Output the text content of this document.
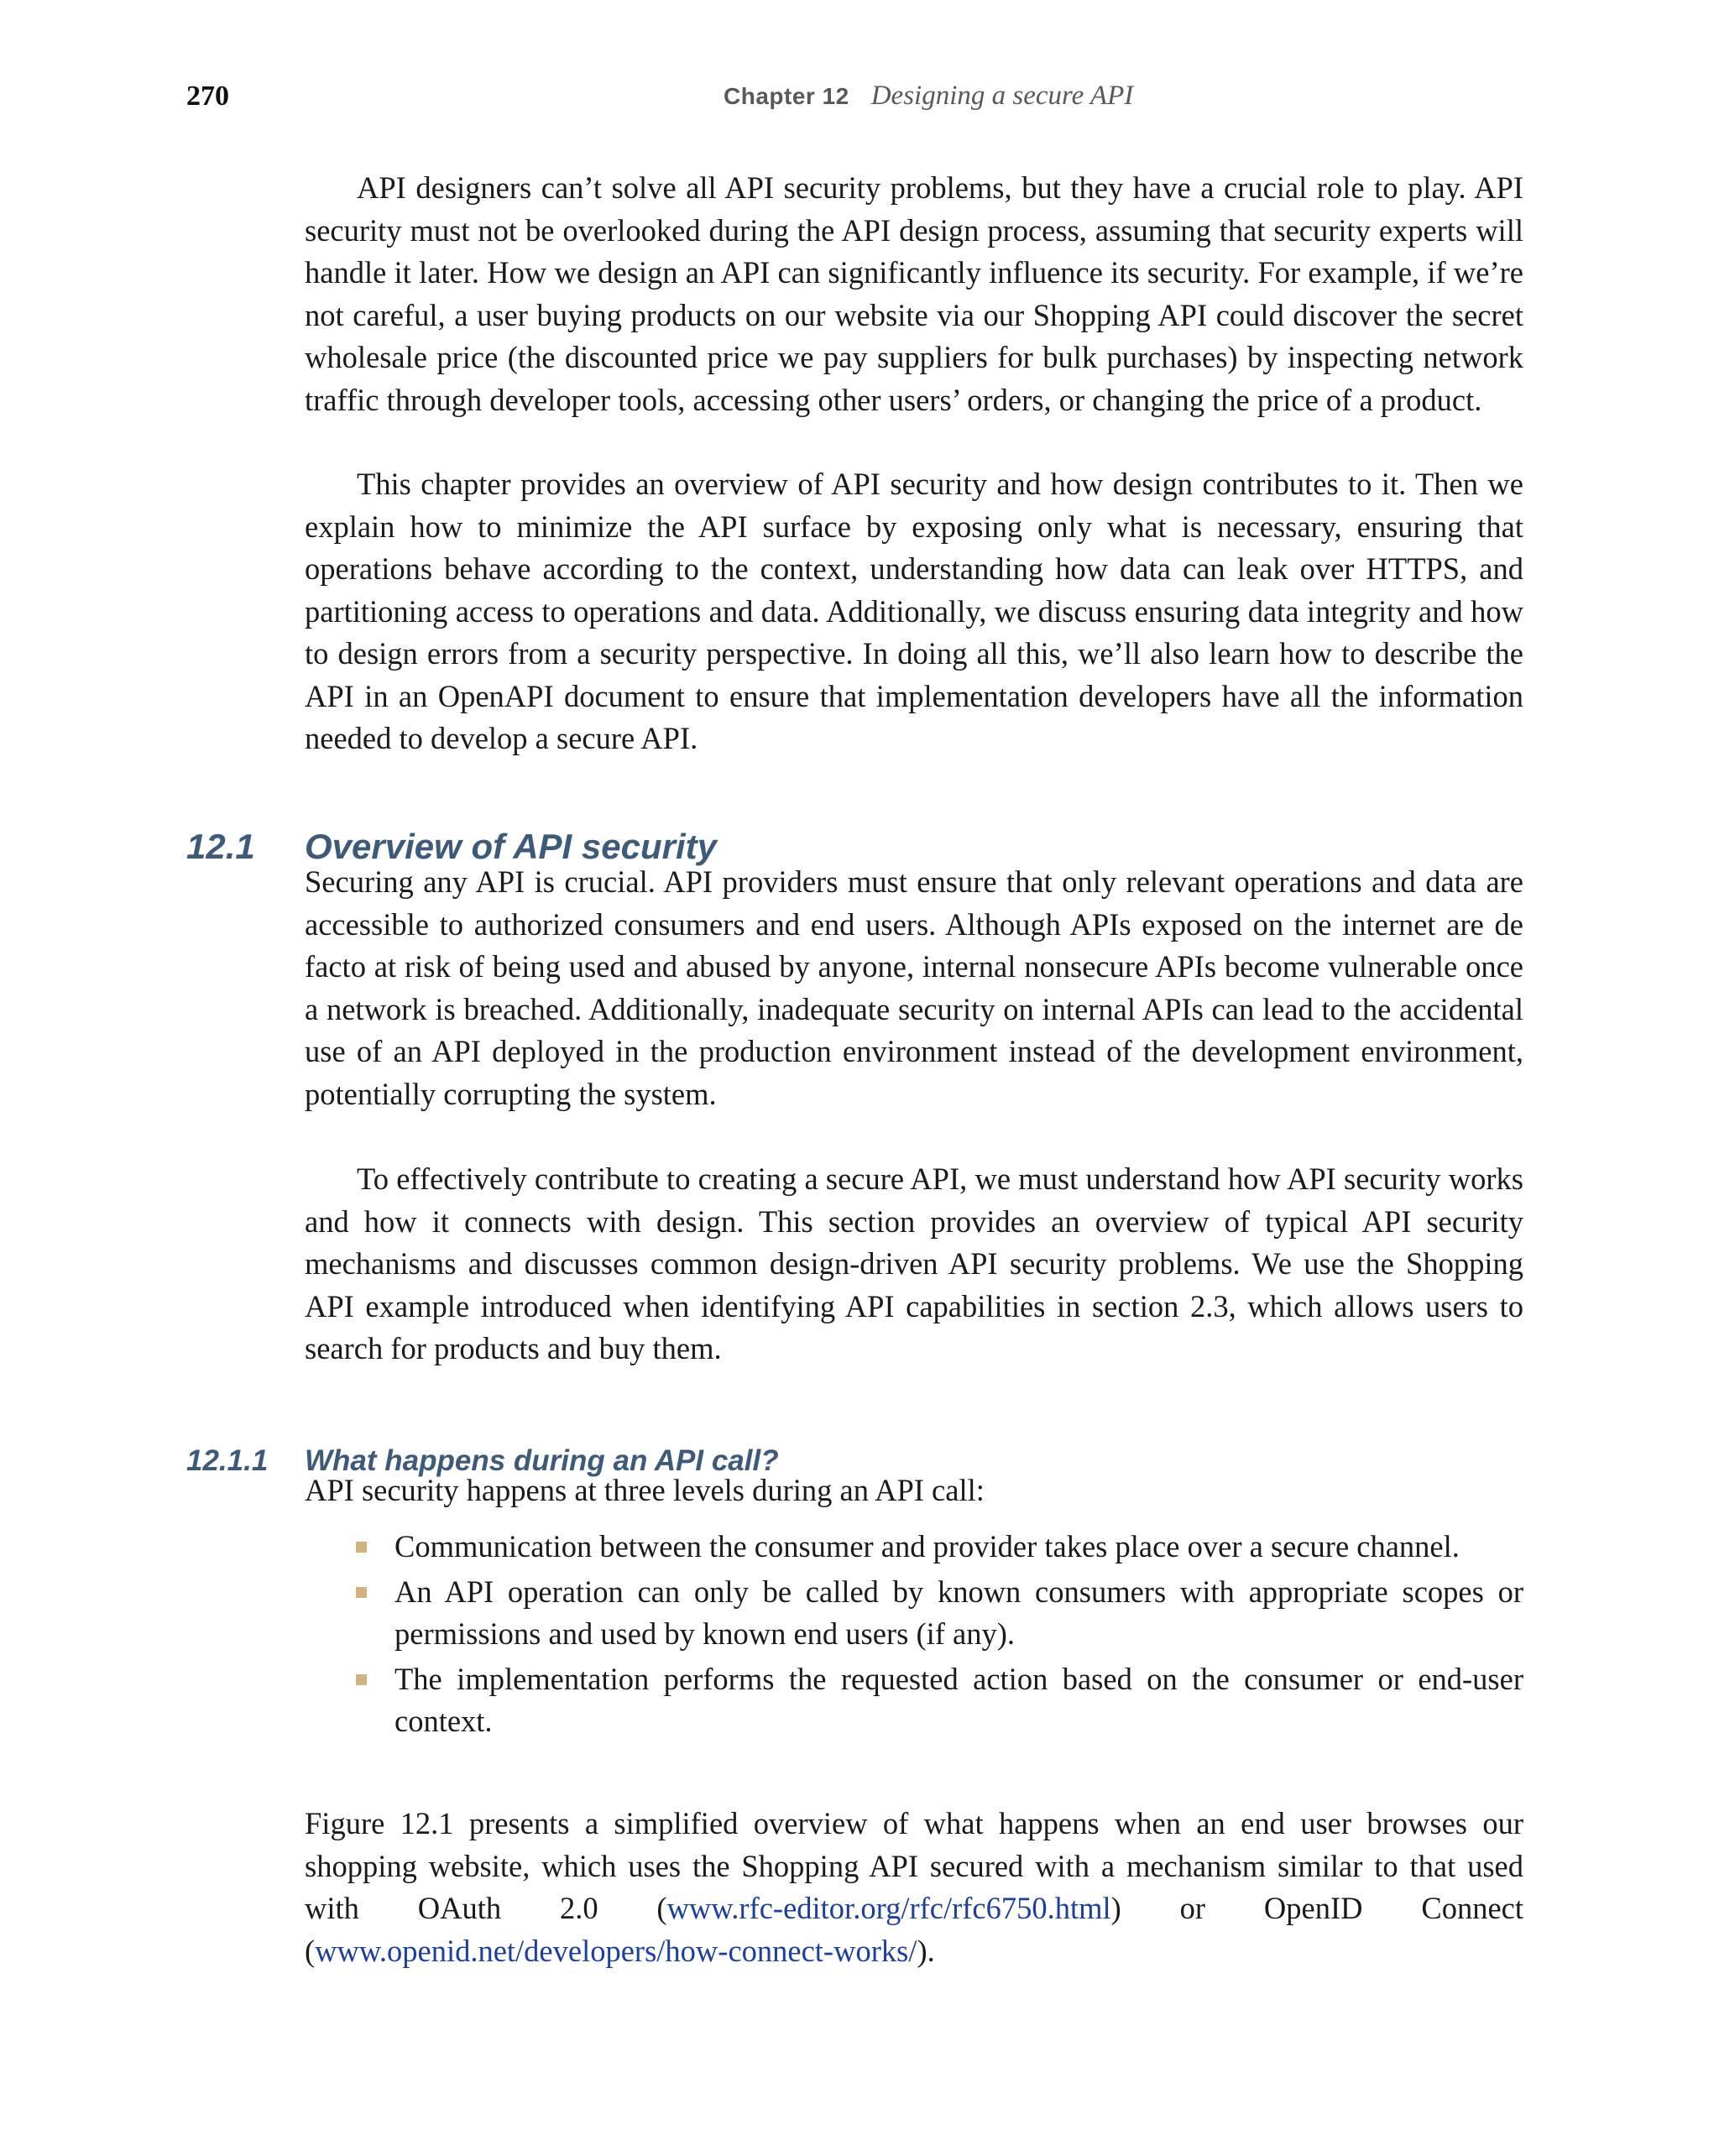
270	Chapter 12 Designing a secure API

API designers can’t solve all API security problems, but they have a crucial role to play. API security must not be overlooked during the API design process, assuming that security experts will handle it later. How we design an API can significantly influence its security. For example, if we’re not careful, a user buying products on our website via our Shopping API could discover the secret wholesale price (the discounted price we pay suppliers for bulk purchases) by inspecting network traffic through developer tools, accessing other users’ orders, or changing the price of a product.

This chapter provides an overview of API security and how design contributes to it. Then we explain how to minimize the API surface by exposing only what is necessary, ensuring that operations behave according to the context, understanding how data can leak over HTTPS, and partitioning access to operations and data. Additionally, we discuss ensuring data integrity and how to design errors from a security perspective. In doing all this, we’ll also learn how to describe the API in an OpenAPI document to ensure that implementation developers have all the information needed to develop a secure API.

12.1 Overview of API security

Securing any API is crucial. API providers must ensure that only relevant operations and data are accessible to authorized consumers and end users. Although APIs exposed on the internet are de facto at risk of being used and abused by anyone, internal nonsecure APIs become vulnerable once a network is breached. Additionally, inadequate security on internal APIs can lead to the accidental use of an API deployed in the production environment instead of the development environment, potentially corrupting the system.

To effectively contribute to creating a secure API, we must understand how API security works and how it connects with design. This section provides an overview of typical API security mechanisms and discusses common design-driven API security problems. We use the Shopping API example introduced when identifying API capabilities in section 2.3, which allows users to search for products and buy them.

12.1.1 What happens during an API call?

API security happens at three levels during an API call:

Communication between the consumer and provider takes place over a secure channel.
An API operation can only be called by known consumers with appropriate scopes or permissions and used by known end users (if any).
The implementation performs the requested action based on the consumer or end-user context.

Figure 12.1 presents a simplified overview of what happens when an end user browses our shopping website, which uses the Shopping API secured with a mechanism similar to that used with OAuth 2.0 (www.rfc-editor.org/rfc/rfc6750.html) or OpenID Connect (www.openid.net/developers/how-connect-works/).
